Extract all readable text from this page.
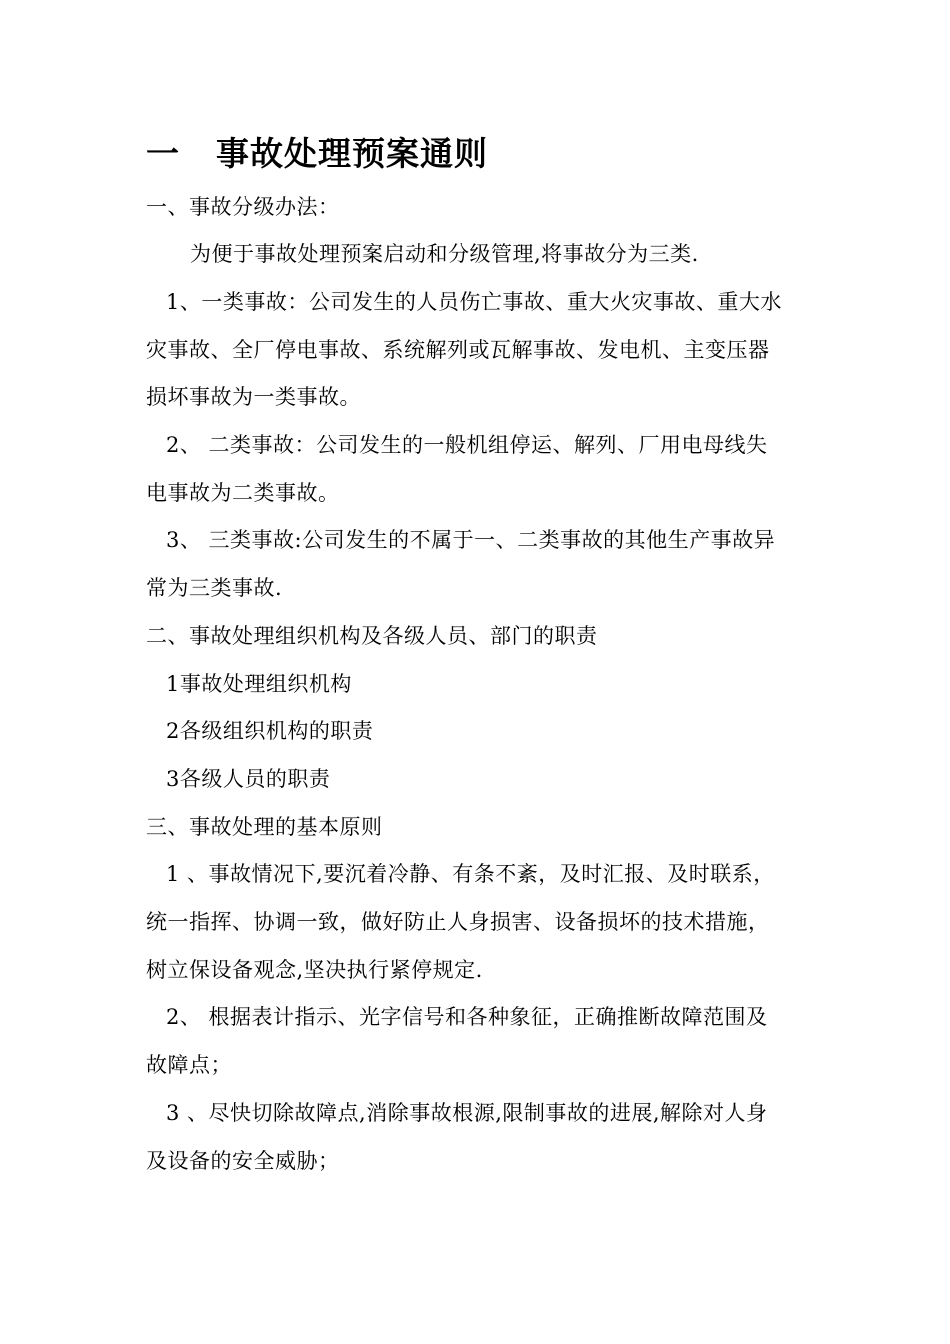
一 事故处理预案通则
一、事故分级办法：
为便于事故处理预案启动和分级管理,将事故分为三类.
1、一类事故：公司发生的人员伤亡事故、重大火灾事故、重大水
灾事故、全厂停电事故、系统解列或瓦解事故、发电机、主变压器
损坏事故为一类事故。
2、 二类事故：公司发生的一般机组停运、解列、厂用电母线失
电事故为二类事故。
3、 三类事故:公司发生的不属于一、二类事故的其他生产事故异
常为三类事故.
二、事故处理组织机构及各级人员、部门的职责
1事故处理组织机构
2各级组织机构的职责
3各级人员的职责
三、事故处理的基本原则
1 、事故情况下,要沉着冷静、有条不紊，及时汇报、及时联系，
统一指挥、协调一致，做好防止人身损害、设备损坏的技术措施，
树立保设备观念,坚决执行紧停规定.
2、 根据表计指示、光字信号和各种象征，正确推断故障范围及
故障点；
3 、尽快切除故障点,消除事故根源,限制事故的进展,解除对人身
及设备的安全威胁；
